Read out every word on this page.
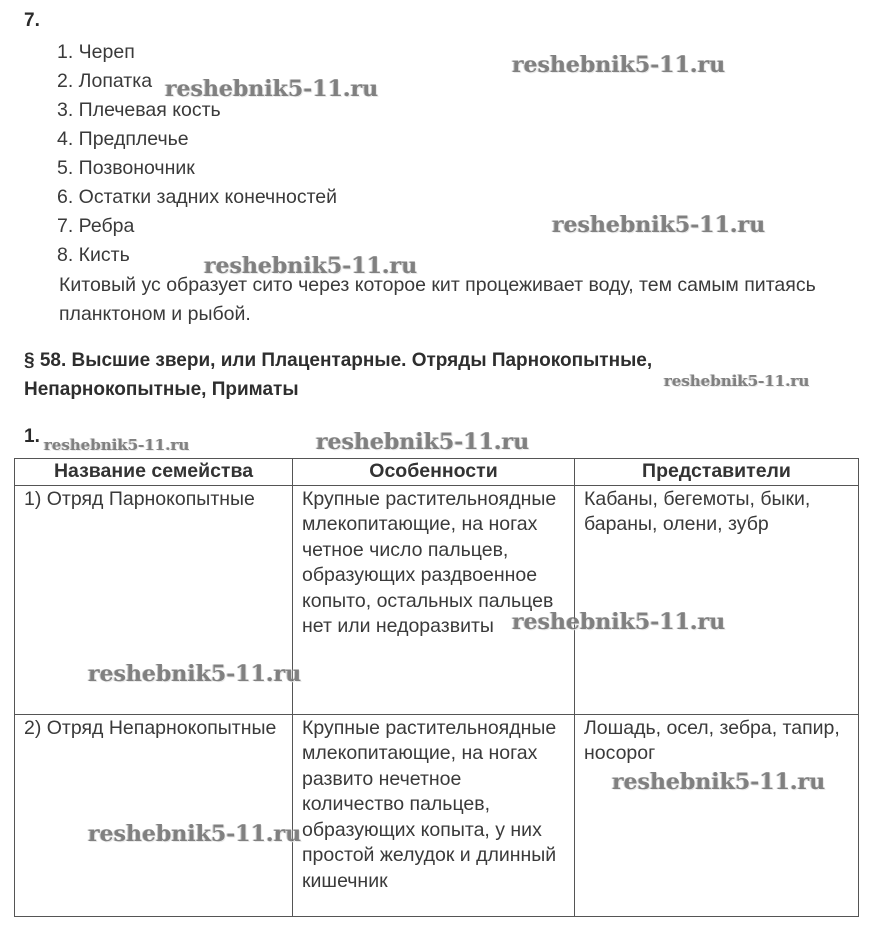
7.
1. Череп
2. Лопатка
3. Плечевая кость
4. Предплечье
5. Позвоночник
6. Остатки задних конечностей
7. Ребра
8. Кисть
Китовый ус образует сито через которое кит процеживает воду, тем самым питаясь планктоном и рыбой.
§ 58. Высшие звери, или Плацентарные. Отряды Парнокопытные, Непарнокопытные, Приматы
1.
Название семейства	Особенности	Представители
1) Отряд Парнокопытные	Крупные растительноядные млекопитающие, на ногах четное число пальцев, образующих раздвоенное копыто, остальных пальцев нет или недоразвиты	Кабаны, бегемоты, быки, бараны, олени, зубр
2) Отряд Непарнокопытные	Крупные растительноядные млекопитающие, на ногах развито нечетное количество пальцев, образующих копыта, у них простой желудок и длинный кишечник	Лошадь, осел, зебра, тапир, носорог
reshebnik5-11.ru
reshebnik5-11.ru
reshebnik5-11.ru
reshebnik5-11.ru
reshebnik5-11.ru
reshebnik5-11.ru	reshebnik5-11.ru
reshebnik5-11.ru
reshebnik5-11.ru
reshebnik5-11.ru
reshebnik5-11.ru
